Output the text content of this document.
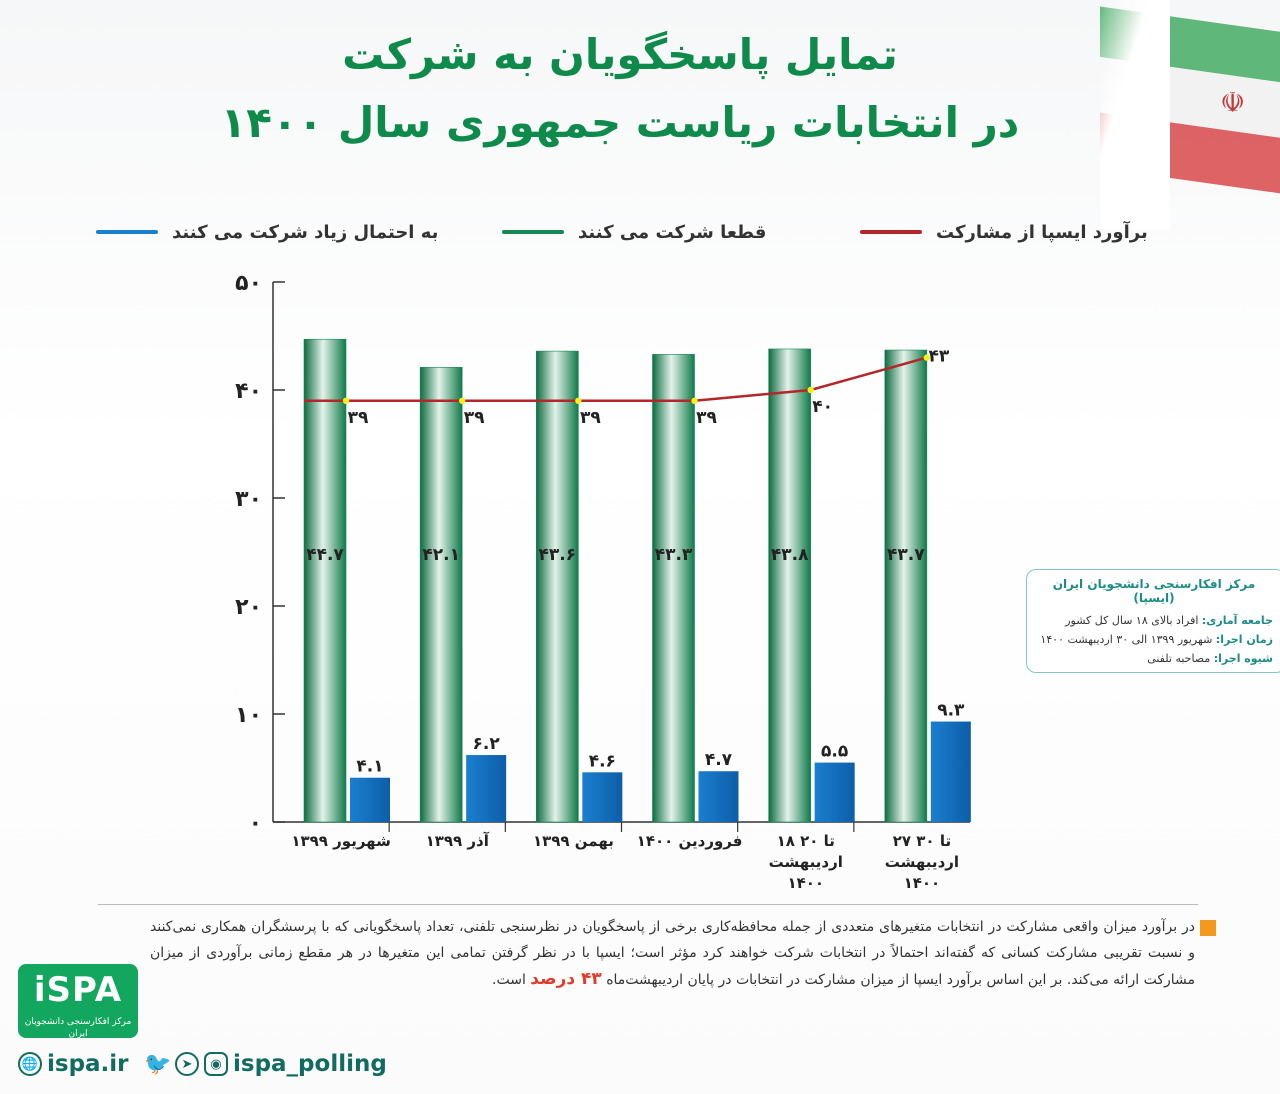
☫
تمایل پاسخگویان به شرکت
در انتخابات ریاست جمهوری سال ۱۴۰۰
برآورد ایسپا از مشارکت
قطعا شرکت می کنند
به احتمال زیاد شرکت می کنند
۰
۱۰
۲۰
۳۰
۴۰
۵۰
شهریور ۱۳۹۹ آذر ۱۳۹۹	بهمن ۱۳۹۹ فروردین ۱۴۰۰ ۱۸ تا ۲۰
اردیبهشت
۱۴۰۰
۲۷ تا ۳۰
اردیبهشت
۱۴۰۰
۴۴.۷
۴.۱
۴۲.۱
۶.۲
۴۳.۶
۴.۶
۴۳.۳
۴.۷
۴۳.۸
۵.۵
۴۳.۷
۹.۳
۳۹	۳۹	۳۹	۳۹
۴۰
۴۳
مرکز افکارسنجی دانشجویان ایران (ایسپا)
جامعه آماری: افراد بالای ۱۸ سال کل کشور
زمان اجرا: شهریور ۱۳۹۹ الی ۳۰ اردیبهشت ۱۴۰۰
شیوه اجرا: مصاحبه تلفنی
در برآورد میزان واقعی مشارکت در انتخابات متغیرهای متعددی از جمله محافظه‌کاری برخی از پاسخگویان در نظرسنجی تلفنی، تعداد پاسخگویانی که با پرسشگران همکاری نمی‌کنند و نسبت تقریبی مشارکت کسانی که گفته‌اند احتمالاً در انتخابات شرکت خواهند کرد مؤثر است؛ ایسپا با در نظر گرفتن تمامی این متغیرها در هر مقطع زمانی برآوردی از میزان مشارکت ارائه می‌کند. بر این اساس برآورد ایسپا از میزان مشارکت در انتخابات در پایان اردیبهشت‌ماه ۴۳ درصد است.
iSPA
مرکز افکارسنجی دانشجویان ایران
🌐 ispa.ir 🐦 ➤	◉ ispa_polling
